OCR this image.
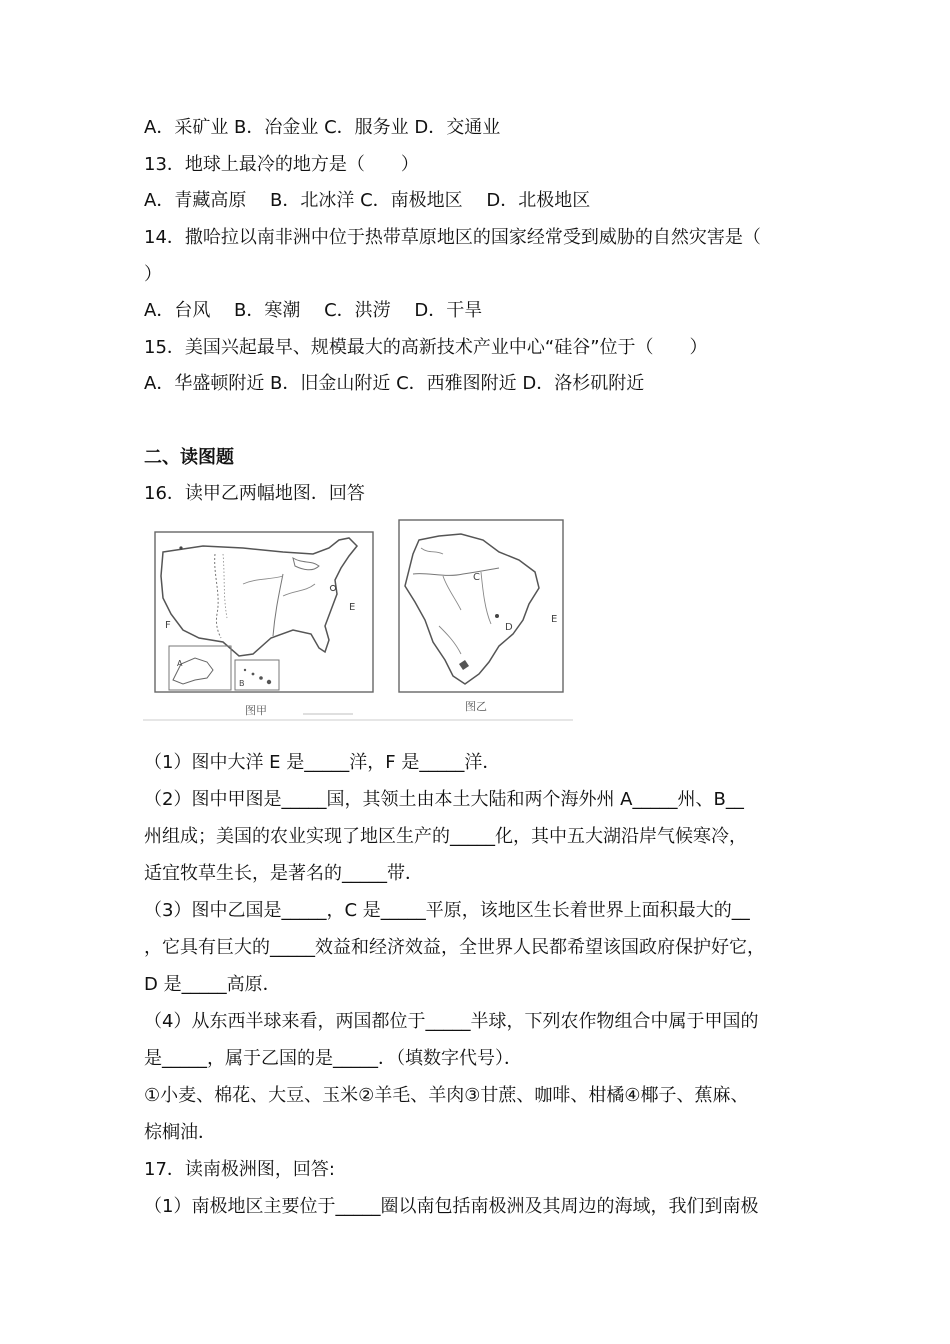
A．采矿业 B．冶金业 C．服务业 D．交通业
13．地球上最冷的地方是（　　）
A．青藏高原　 B．北冰洋 C．南极地区　 D．北极地区
14．撒哈拉以南非洲中位于热带草原地区的国家经常受到威胁的自然灾害是（
）
A．台风　 B．寒潮　 C．洪涝　 D．干旱
15．美国兴起最早、规模最大的高新技术产业中心“硅谷”位于（　　）
A．华盛顿附近 B．旧金山附近 C．西雅图附近 D．洛杉矶附近
二、读图题
16．读甲乙两幅地图．回答
E
F
A
B
图甲
C
D
E
图乙
（1）图中大洋 E 是_____洋，F 是_____洋．
（2）图中甲图是_____国，其领土由本土大陆和两个海外州 A_____州、B__
州组成；美国的农业实现了地区生产的_____化，其中五大湖沿岸气候寒冷，
适宜牧草生长，是著名的_____带．
（3）图中乙国是_____，C 是_____平原，该地区生长着世界上面积最大的__
，它具有巨大的_____效益和经济效益，全世界人民都希望该国政府保护好它，
D 是_____高原．
（4）从东西半球来看，两国都位于_____半球，下列农作物组合中属于甲国的
是_____，属于乙国的是_____．（填数字代号）．
①小麦、棉花、大豆、玉米②羊毛、羊肉③甘蔗、咖啡、柑橘④椰子、蕉麻、
棕榈油．
17．读南极洲图，回答:
（1）南极地区主要位于_____圈以南包括南极洲及其周边的海域，我们到南极
